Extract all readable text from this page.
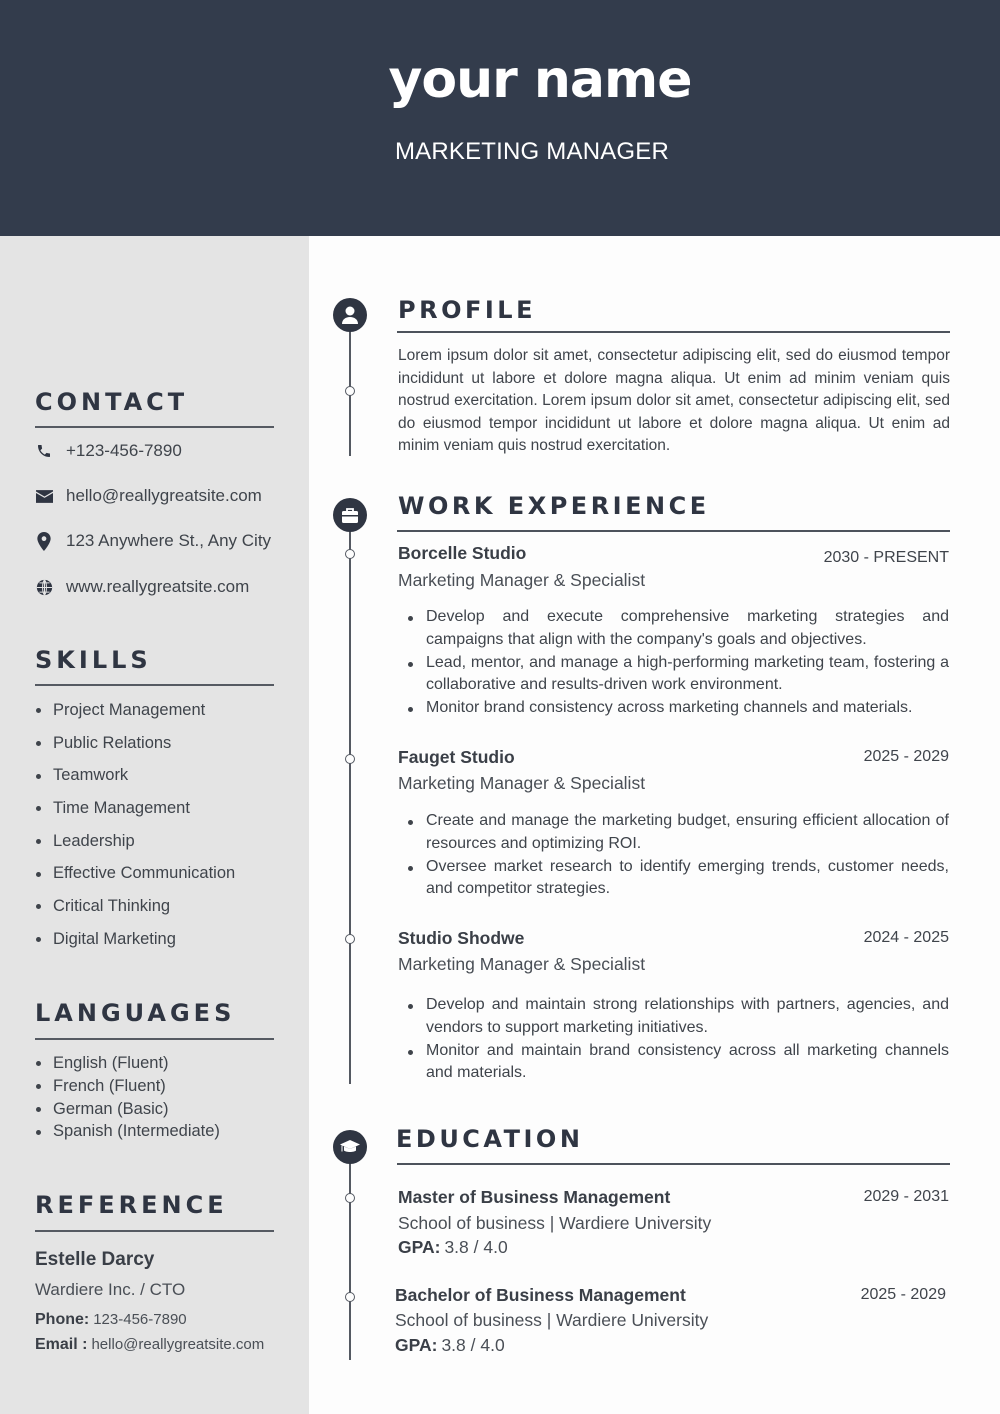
your name
MARKETING MANAGER
CONTACT
+123-456-7890
hello@reallygreatsite.com
123 Anywhere St., Any City
www.reallygreatsite.com
SKILLS
Project Management
Public Relations
Teamwork
Time Management
Leadership
Effective Communication
Critical Thinking
Digital Marketing
LANGUAGES
English (Fluent)
French (Fluent)
German (Basic)
Spanish (Intermediate)
REFERENCE
Estelle Darcy
Wardiere Inc. / CTO
Phone: 123-456-7890
Email : hello@reallygreatsite.com
PROFILE
Lorem ipsum dolor sit amet, consectetur adipiscing elit, sed do eiusmod tempor incididunt ut labore et dolore magna aliqua. Ut enim ad minim veniam quis nostrud exercitation. Lorem ipsum dolor sit amet, consectetur adipiscing elit, sed do eiusmod tempor incididunt ut labore et dolore magna aliqua. Ut enim ad minim veniam quis nostrud exercitation.
WORK EXPERIENCE
Borcelle Studio	2030 - PRESENT
Marketing Manager & Specialist
Develop and execute comprehensive marketing strategies and campaigns that align with the company's goals and objectives.
Lead, mentor, and manage a high-performing marketing team, fostering a collaborative and results-driven work environment.
Monitor brand consistency across marketing channels and materials.
Fauget Studio	2025 - 2029
Marketing Manager & Specialist
Create and manage the marketing budget, ensuring efficient allocation of resources and optimizing ROI.
Oversee market research to identify emerging trends, customer needs, and competitor strategies.
Studio Shodwe	2024 - 2025
Marketing Manager & Specialist
Develop and maintain strong relationships with partners, agencies, and vendors to support marketing initiatives.
Monitor and maintain brand consistency across all marketing channels and materials.
EDUCATION
Master of Business Management	2029 - 2031
School of business | Wardiere University
GPA: 3.8 / 4.0
Bachelor of Business Management	2025 - 2029
School of business | Wardiere University
GPA: 3.8 / 4.0
